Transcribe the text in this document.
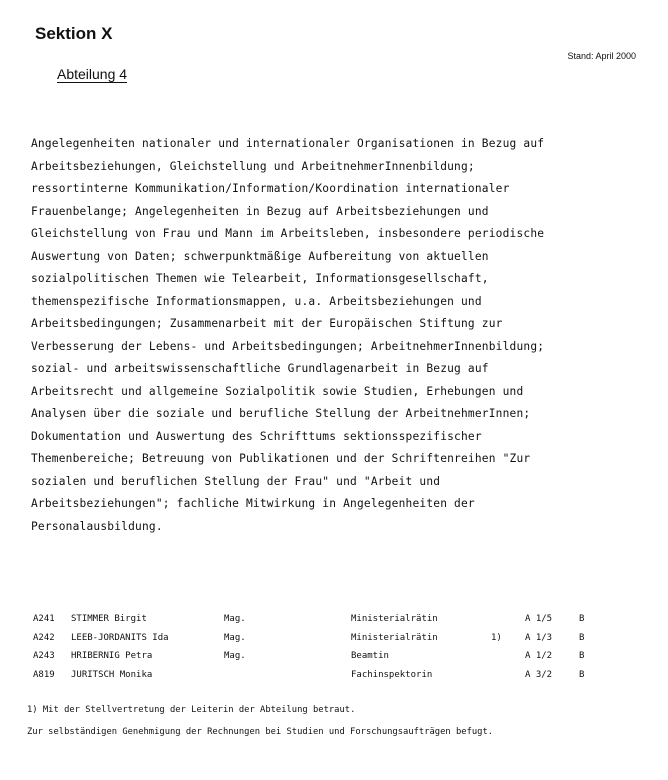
Sektion X
Stand: April 2000
Abteilung 4
Angelegenheiten nationaler und internationaler Organisationen in Bezug auf
Arbeitsbeziehungen, Gleichstellung und ArbeitnehmerInnenbildung;
ressortinterne Kommunikation/Information/Koordination internationaler
Frauenbelange; Angelegenheiten in Bezug auf Arbeitsbeziehungen und
Gleichstellung von Frau und Mann im Arbeitsleben, insbesondere periodische
Auswertung von Daten; schwerpunktmäßige Aufbereitung von aktuellen
sozialpolitischen Themen wie Telearbeit, Informationsgesellschaft,
themenspezifische Informationsmappen, u.a. Arbeitsbeziehungen und
Arbeitsbedingungen; Zusammenarbeit mit der Europäischen Stiftung zur
Verbesserung der Lebens- und Arbeitsbedingungen; ArbeitnehmerInnenbildung;
sozial- und arbeitswissenschaftliche Grundlagenarbeit in Bezug auf
Arbeitsrecht und allgemeine Sozialpolitik sowie Studien, Erhebungen und
Analysen über die soziale und berufliche Stellung der ArbeitnehmerInnen;
Dokumentation und Auswertung des Schrifttums sektionsspezifischer
Themenbereiche; Betreuung von Publikationen und der Schriftenreihen "Zur
sozialen und beruflichen Stellung der Frau" und "Arbeit und
Arbeitsbeziehungen"; fachliche Mitwirkung in Angelegenheiten der
Personalausbildung.
A241	STIMMER Birgit	Mag.	Ministerialrätin		A 1/5	B
A242	LEEB-JORDANITS Ida	Mag.	Ministerialrätin	1)	A 1/3	B
A243	HRIBERNIG Petra	Mag.	Beamtin		A 1/2	B
A819	JURITSCH Monika		Fachinspektorin		A 3/2	B
1) Mit der Stellvertretung der Leiterin der Abteilung betraut.
Zur selbständigen Genehmigung der Rechnungen bei Studien und Forschungsaufträgen befugt.
